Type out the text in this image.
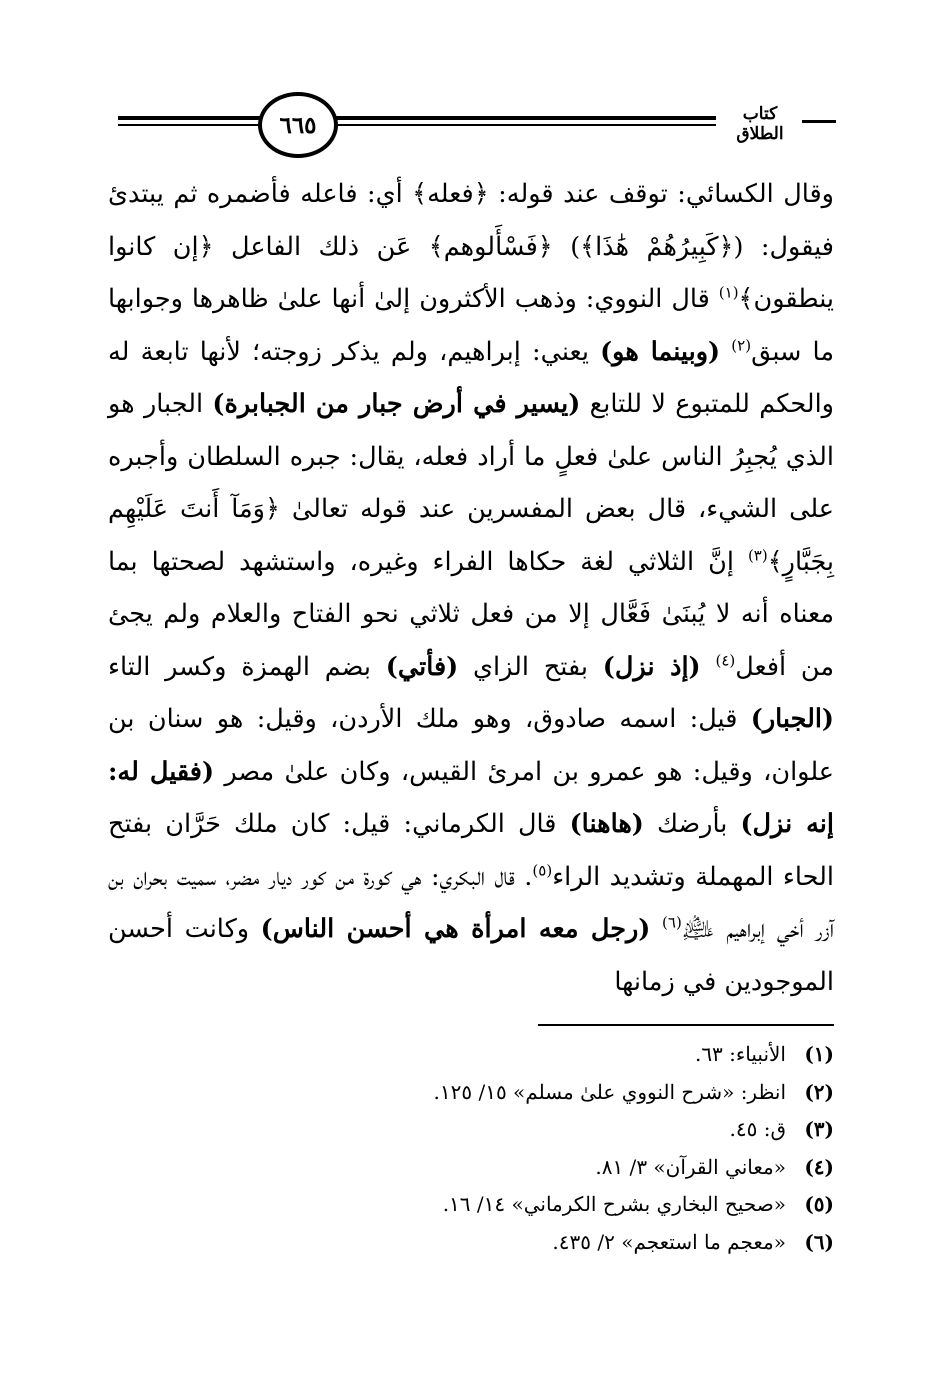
٦٦٥	كتاب الطلاق

وقال الكسائي: توقف عند قوله: ﴿فعله﴾ أي: فاعله فأضمره ثم يبتدئ فيقول: (﴿كَبِيرُهُمْ هَٰذَا﴾) ﴿فَسْأَلوهم﴾ عَن ذلك الفاعل ﴿إن كانوا ينطقون﴾$^{(١)}$ قال النووي: وذهب الأكثرون إلىٰ أنها علىٰ ظاهرها وجوابها ما سبق$^{(٢)}$ (وبينما هو) يعني: إبراهيم، ولم يذكر زوجته؛ لأنها تابعة له والحكم للمتبوع لا للتابع (يسير في أرض جبار من الجبابرة) الجبار هو الذي يُجبِرُ الناس علىٰ فعلٍ ما أراد فعله، يقال: جبره السلطان وأجبره على الشيء، قال بعض المفسرين عند قوله تعالىٰ ﴿وَمَآ أَنتَ عَلَيْهِم بِجَبَّارٍ﴾$^{(٣)}$ إنَّ الثلاثي لغة حكاها الفراء وغيره، واستشهد لصحتها بما معناه أنه لا يُبنَىٰ فَعَّال إلا من فعل ثلاثي نحو الفتاح والعلام ولم يجئ من أفعل$^{(٤)}$ (إذ نزل) بفتح الزاي (فأتي) بضم الهمزة وكسر التاء (الجبار) قيل: اسمه صادوق، وهو ملك الأردن، وقيل: هو سنان بن علوان، وقيل: هو عمرو بن امرئ القيس، وكان علىٰ مصر (فقيل له: إنه نزل) بأرضك (هاهنا) قال الكرماني: قيل: كان ملك حَرَّان بفتح الحاء المهملة وتشديد الراء$^{(٥)}$. قال البكري: هي كورة من كور ديار مضر، سميت بحران بن آزر أخي إبراهيم ﵇$^{(٦)}$ (رجل معه امرأة هي أحسن الناس) وكانت أحسن الموجودين في زمانها

(١)الأنبياء: ٦٣.
(٢)انظر: «شرح النووي علىٰ مسلم» ١٥/ ١٢٥.
(٣)ق: ٤٥.
(٤)«معاني القرآن» ٣/ ٨١.
(٥)«صحيح البخاري بشرح الكرماني» ١٤/ ١٦.
(٦)«معجم ما استعجم» ٢/ ٤٣٥.
